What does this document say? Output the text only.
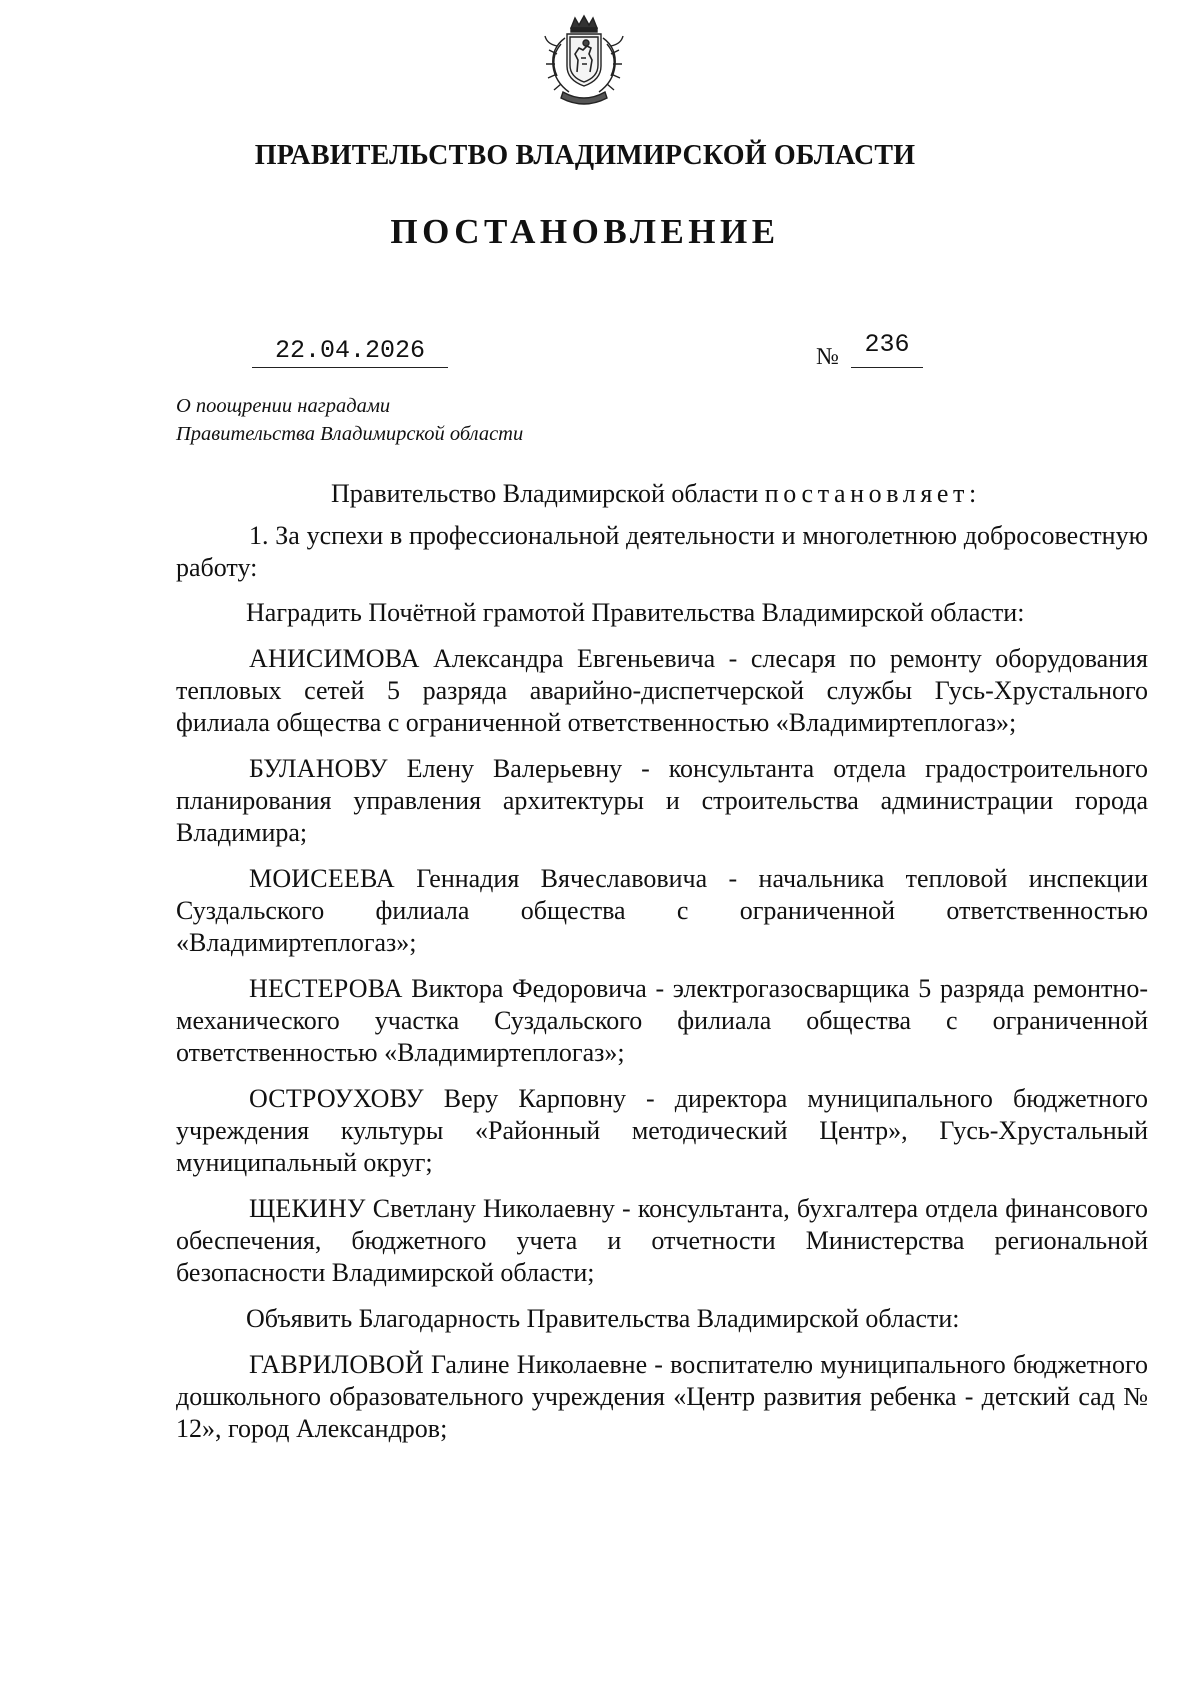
ПРАВИТЕЛЬСТВО ВЛАДИМИРСКОЙ ОБЛАСТИ
ПОСТАНОВЛЕНИЕ
22.04.2026	№	236
О поощрении наградами
Правительства Владимирской области

Правительство Владимирской области постановляет:

1. За успехи в профессиональной деятельности и многолетнюю добросовестную работу:

Наградить Почётной грамотой Правительства Владимирской области:

АНИСИМОВА Александра Евгеньевича - слесаря по ремонту оборудования тепловых сетей 5 разряда аварийно-диспетчерской службы Гусь-Хрустального филиала общества с ограниченной ответственностью «Владимиртеплогаз»;

БУЛАНОВУ Елену Валерьевну - консультанта отдела градостроительного планирования управления архитектуры и строительства администрации города Владимира;

МОИСЕЕВА Геннадия Вячеславовича - начальника тепловой инспекции Суздальского филиала общества с ограниченной ответственностью «Владимиртеплогаз»;

НЕСТЕРОВА Виктора Федоровича - электрогазосварщика 5 разряда ремонтно-механического участка Суздальского филиала общества с ограниченной ответственностью «Владимиртеплогаз»;

ОСТРОУХОВУ Веру Карповну - директора муниципального бюджетного учреждения культуры «Районный методический Центр», Гусь-Хрустальный муниципальный округ;

ЩЕКИНУ Светлану Николаевну - консультанта, бухгалтера отдела финансового обеспечения, бюджетного учета и отчетности Министерства региональной безопасности Владимирской области;

Объявить Благодарность Правительства Владимирской области:

ГАВРИЛОВОЙ Галине Николаевне - воспитателю муниципального бюджетного дошкольного образовательного учреждения «Центр развития ребенка - детский сад № 12», город Александров;
